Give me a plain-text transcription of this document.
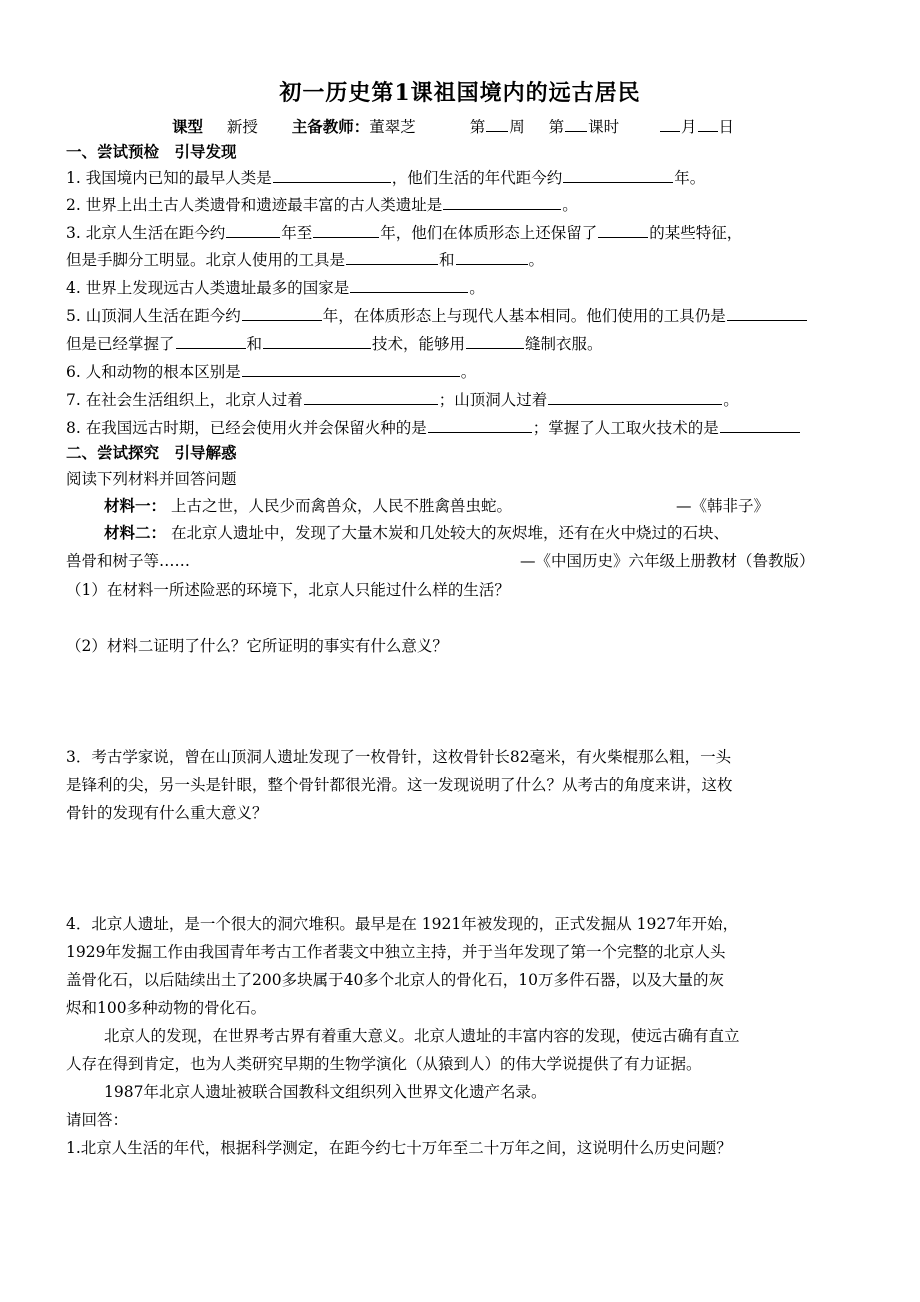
初一历史第1课祖国境内的远古居民
课型 新授 主备教师：董翠芝	第 周 第 课时	月 日
一、尝试预检　引导发现
1. 我国境内已知的最早人类是	，他们生活的年代距今约	年。
2. 世界上出土古人类遗骨和遗迹最丰富的古人类遗址是	。
3. 北京人生活在距今约	年至	年，他们在体质形态上还保留了	的某些特征，
但是手脚分工明显。北京人使用的工具是	和	。
4. 世界上发现远古人类遗址最多的国家是	。
5. 山顶洞人生活在距今约	年，在体质形态上与现代人基本相同。他们使用的工具仍是
但是已经掌握了	和	技术，能够用	缝制衣服。
6. 人和动物的根本区别是	。
7. 在社会生活组织上，北京人过着	；山顶洞人过着	。
8. 在我国远古时期，已经会使用火并会保留火种的是	；掌握了人工取火技术的是
二、尝试探究　引导解惑
阅读下列材料并回答问题
材料一： 上古之世，人民少而禽兽众，人民不胜禽兽虫蛇。	—《韩非子》
材料二： 在北京人遗址中，发现了大量木炭和几处较大的灰烬堆，还有在火中烧过的石块、
兽骨和树子等……	—《中国历史》六年级上册教材（鲁教版）
（1）在材料一所述险恶的环境下，北京人只能过什么样的生活？
（2）材料二证明了什么？它所证明的事实有什么意义？
3．考古学家说，曾在山顶洞人遗址发现了一枚骨针，这枚骨针长82毫米，有火柴棍那么粗，一头
是锋利的尖，另一头是针眼，整个骨针都很光滑。这一发现说明了什么？从考古的角度来讲，这枚
骨针的发现有什么重大意义？
4．北京人遗址，是一个很大的洞穴堆积。最早是在 1921年被发现的，正式发掘从 1927年开始，
1929年发掘工作由我国青年考古工作者裴文中独立主持，并于当年发现了第一个完整的北京人头
盖骨化石，以后陆续出土了200多块属于40多个北京人的骨化石，10万多件石器，以及大量的灰
烬和100多种动物的骨化石。
北京人的发现，在世界考古界有着重大意义。北京人遗址的丰富内容的发现，使远古确有直立
人存在得到肯定，也为人类研究早期的生物学演化（从猿到人）的伟大学说提供了有力证据。
1987年北京人遗址被联合国教科文组织列入世界文化遗产名录。
请回答：
1.北京人生活的年代，根据科学测定，在距今约七十万年至二十万年之间，这说明什么历史问题？
